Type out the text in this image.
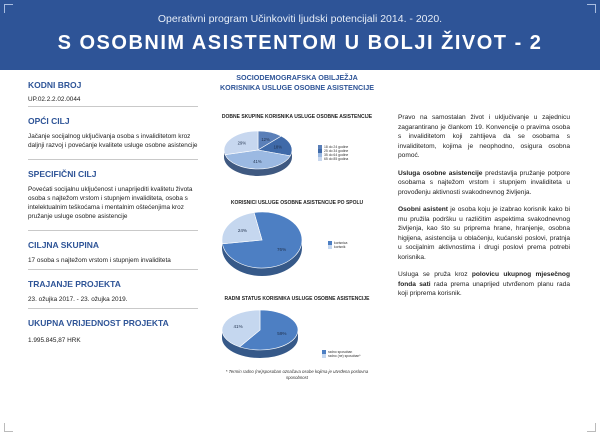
Operativni program Učinkoviti ljudski potencijali 2014. - 2020.
S OSOBNIM ASISTENTOM U BOLJI ŽIVOT - 2
KODNI BROJ

UP.02.2.2.02.0044

OPĆI CILJ

Jačanje socijalnog uključivanja osoba s invaliditetom kroz daljnji razvoj i povećanje kvalitete usluge osobne asistencije

SPECIFIČNI CILJ

Povećati socijalnu uključenost i unaprijediti kvalitetu života osoba s najtežom vrstom i stupnjem invaliditeta, osoba s intelektualnim teškoćama i mentalnim oštećenjima kroz pružanje usluge osobne asistencije

CILJNA SKUPINA

17 osoba s najtežom vrstom i stupnjem invaliditeta

TRAJANJE PROJEKTA

23. ožujka 2017. - 23. ožujka 2019.

UKUPNA VRIJEDNOST PROJEKTA

1.995.845,87 HRK

SOCIODEMOGRAFSKA OBILJEŽJA
KORISNIKA USLUGE OSOBNE ASISTENCIJE
DOBNE SKUPINE KORISNIKA USLUGE OSOBNE ASISTENCIJE
12%
18%
41%
29%
18 do 24 godine
25 do 34 godine
35 do 64 godine
65 do 85 godina
KORISNICI USLUGE OSOBNE ASISTENCIJE PO SPOLU
76%
24%
korisnica
korisnik
RADNI STATUS KORISNIKA USLUGE OSOBNE ASISTENCIJE
59%
41%
radno sposoban
radno (ne) sposoban*
* Termin radno (ne)sposoban označava osobe kojima je utvrđena poslovna sposobnost

Pravo na samostalan život i uključivanje u zajednicu zagarantirano je člankom 19. Konvencije o pravima osoba s invaliditetom koji zahtijeva da se osobama s invaliditetom, kojima je neophodno, osigura osobna pomoć.

Usluga osobne asistencije predstavlja pružanje potpore osobama s najtežom vrstom i stupnjem invaliditeta u provođenju aktivnosti svakodnevnog življenja.

Osobni asistent je osoba koju je izabrao korisnik kako bi mu pružila podršku u različitim aspektima svakodnevnog življenja, kao što su priprema hrane, hranjenje, osobna higijena, asistencija u oblačenju, kućanski poslovi, pratnja u socijalnim aktivnostima i drugi poslovi prema potrebi korisnika.

Usluga se pruža kroz polovicu ukupnog mjesečnog fonda sati rada prema unaprijed utvrđenom planu rada koji priprema korisnik.
